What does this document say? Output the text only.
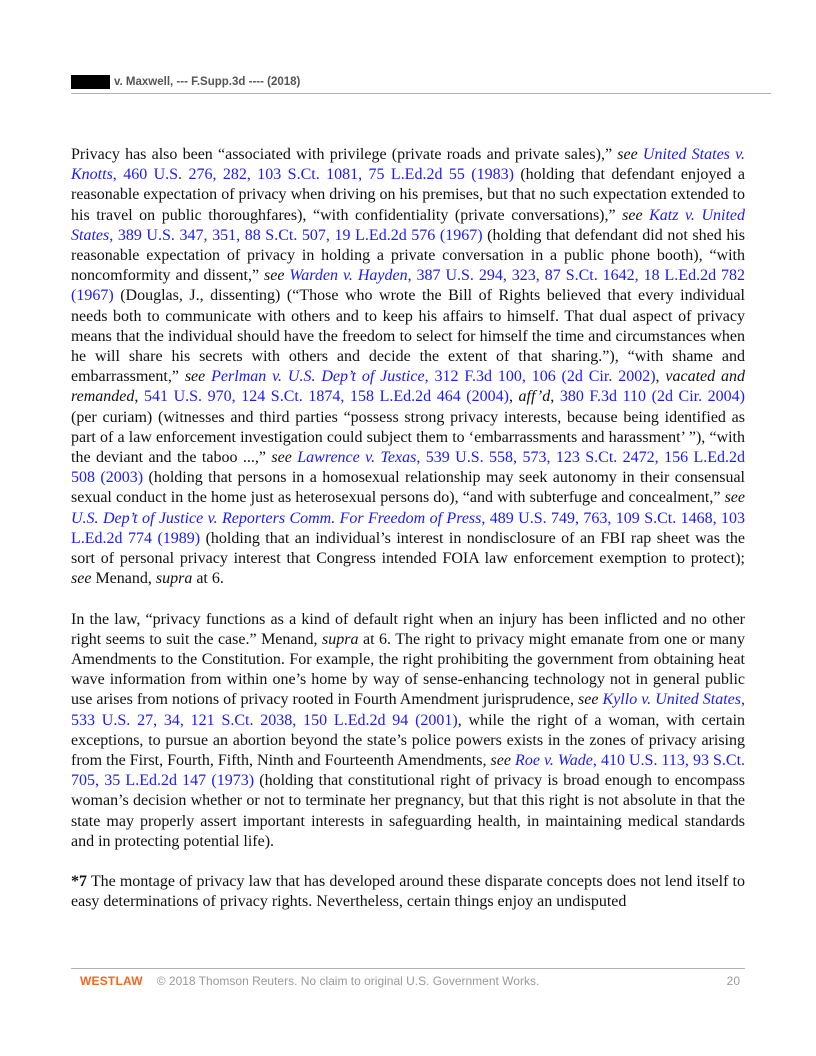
v. Maxwell, --- F.Supp.3d ---- (2018)

Privacy has also been “associated with privilege (private roads and private sales),” see United States v. Knotts, 460 U.S. 276, 282, 103 S.Ct. 1081, 75 L.Ed.2d 55 (1983) (holding that defendant enjoyed a reasonable expectation of privacy when driving on his premises, but that no such expectation extended to his travel on public thoroughfares), “with confidentiality (private conversations),” see Katz v. United States, 389 U.S. 347, 351, 88 S.Ct. 507, 19 L.Ed.2d 576 (1967) (holding that defendant did not shed his reasonable expectation of privacy in holding a private conversation in a public phone booth), “with noncomformity and dissent,” see Warden v. Hayden, 387 U.S. 294, 323, 87 S.Ct. 1642, 18 L.Ed.2d 782 (1967) (Douglas, J., dissenting) (“Those who wrote the Bill of Rights believed that every individual needs both to communicate with others and to keep his affairs to himself. That dual aspect of privacy means that the individual should have the freedom to select for himself the time and circumstances when he will share his secrets with others and decide the extent of that sharing.”), “with shame and embarrassment,” see Perlman v. U.S. Dep’t of Justice, 312 F.3d 100, 106 (2d Cir. 2002), vacated and remanded, 541 U.S. 970, 124 S.Ct. 1874, 158 L.Ed.2d 464 (2004), aff’d, 380 F.3d 110 (2d Cir. 2004) (per curiam) (witnesses and third parties “possess strong privacy interests, because being identified as part of a law enforcement investigation could subject them to ‘embarrassments and harassment’ ”), “with the deviant and the taboo ...,” see Lawrence v. Texas, 539 U.S. 558, 573, 123 S.Ct. 2472, 156 L.Ed.2d 508 (2003) (holding that persons in a homosexual relationship may seek autonomy in their consensual sexual conduct in the home just as heterosexual persons do), “and with subterfuge and concealment,” see U.S. Dep’t of Justice v. Reporters Comm. For Freedom of Press, 489 U.S. 749, 763, 109 S.Ct. 1468, 103 L.Ed.2d 774 (1989) (holding that an individual’s interest in nondisclosure of an FBI rap sheet was the sort of personal privacy interest that Congress intended FOIA law enforcement exemption to protect); see Menand, supra at 6.

In the law, “privacy functions as a kind of default right when an injury has been inflicted and no other right seems to suit the case.” Menand, supra at 6. The right to privacy might emanate from one or many Amendments to the Constitution. For example, the right prohibiting the government from obtaining heat wave information from within one’s home by way of sense-enhancing technology not in general public use arises from notions of privacy rooted in Fourth Amendment jurisprudence, see Kyllo v. United States, 533 U.S. 27, 34, 121 S.Ct. 2038, 150 L.Ed.2d 94 (2001), while the right of a woman, with certain exceptions, to pursue an abortion beyond the state’s police powers exists in the zones of privacy arising from the First, Fourth, Fifth, Ninth and Fourteenth Amendments, see Roe v. Wade, 410 U.S. 113, 93 S.Ct. 705, 35 L.Ed.2d 147 (1973) (holding that constitutional right of privacy is broad enough to encompass woman’s decision whether or not to terminate her pregnancy, but that this right is not absolute in that the state may properly assert important interests in safeguarding health, in maintaining medical standards and in protecting potential life).

*7 The montage of privacy law that has developed around these disparate concepts does not lend itself to easy determinations of privacy rights. Nevertheless, certain things enjoy an undisputed

WESTLAW © 2018 Thomson Reuters. No claim to original U.S. Government Works.	20
